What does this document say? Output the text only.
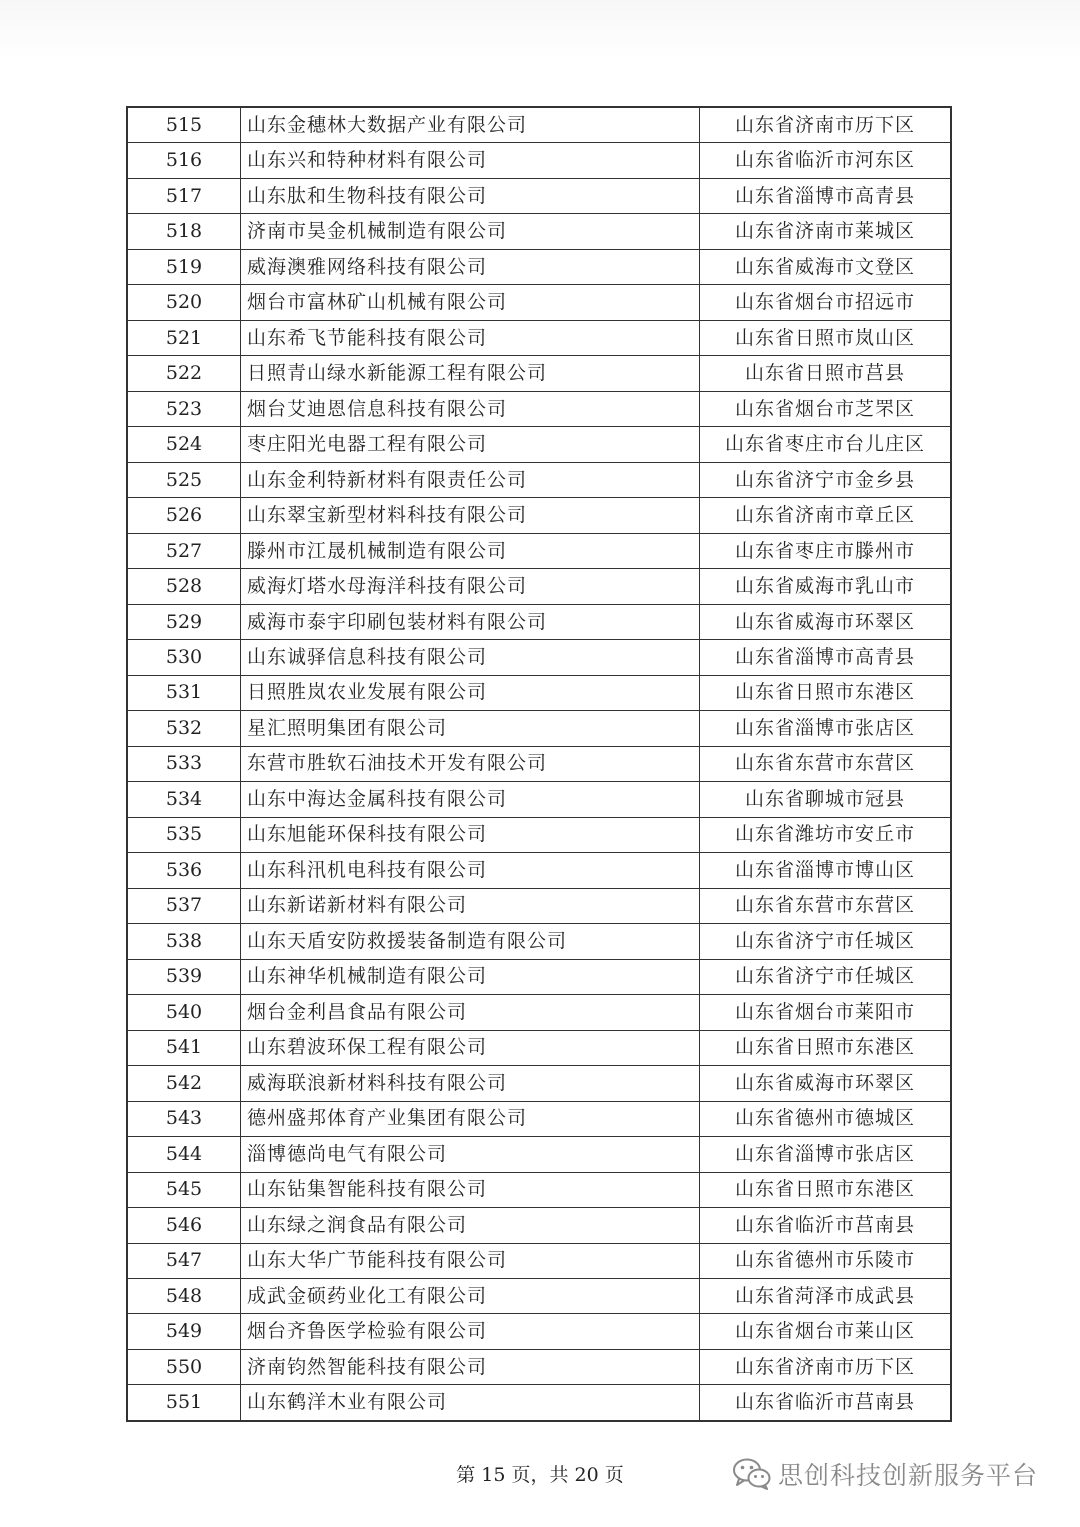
515	山东金穗林大数据产业有限公司	山东省济南市历下区
516	山东兴和特种材料有限公司	山东省临沂市河东区
517	山东肽和生物科技有限公司	山东省淄博市高青县
518	济南市昊金机械制造有限公司	山东省济南市莱城区
519	威海澳雅网络科技有限公司	山东省威海市文登区
520	烟台市富林矿山机械有限公司	山东省烟台市招远市
521	山东希飞节能科技有限公司	山东省日照市岚山区
522	日照青山绿水新能源工程有限公司	山东省日照市莒县
523	烟台艾迪恩信息科技有限公司	山东省烟台市芝罘区
524	枣庄阳光电器工程有限公司	山东省枣庄市台儿庄区
525	山东金利特新材料有限责任公司	山东省济宁市金乡县
526	山东翠宝新型材料科技有限公司	山东省济南市章丘区
527	滕州市江晟机械制造有限公司	山东省枣庄市滕州市
528	威海灯塔水母海洋科技有限公司	山东省威海市乳山市
529	威海市泰宇印刷包装材料有限公司	山东省威海市环翠区
530	山东诚驿信息科技有限公司	山东省淄博市高青县
531	日照胜岚农业发展有限公司	山东省日照市东港区
532	星汇照明集团有限公司	山东省淄博市张店区
533	东营市胜软石油技术开发有限公司	山东省东营市东营区
534	山东中海达金属科技有限公司	山东省聊城市冠县
535	山东旭能环保科技有限公司	山东省潍坊市安丘市
536	山东科汛机电科技有限公司	山东省淄博市博山区
537	山东新诺新材料有限公司	山东省东营市东营区
538	山东天盾安防救援装备制造有限公司	山东省济宁市任城区
539	山东神华机械制造有限公司	山东省济宁市任城区
540	烟台金利昌食品有限公司	山东省烟台市莱阳市
541	山东碧波环保工程有限公司	山东省日照市东港区
542	威海联浪新材料科技有限公司	山东省威海市环翠区
543	德州盛邦体育产业集团有限公司	山东省德州市德城区
544	淄博德尚电气有限公司	山东省淄博市张店区
545	山东钻集智能科技有限公司	山东省日照市东港区
546	山东绿之润食品有限公司	山东省临沂市莒南县
547	山东大华广节能科技有限公司	山东省德州市乐陵市
548	成武金硕药业化工有限公司	山东省菏泽市成武县
549	烟台齐鲁医学检验有限公司	山东省烟台市莱山区
550	济南钧然智能科技有限公司	山东省济南市历下区
551	山东鹤洋木业有限公司	山东省临沂市莒南县
第 15 页，共 20 页	思创科技创新服务平台
